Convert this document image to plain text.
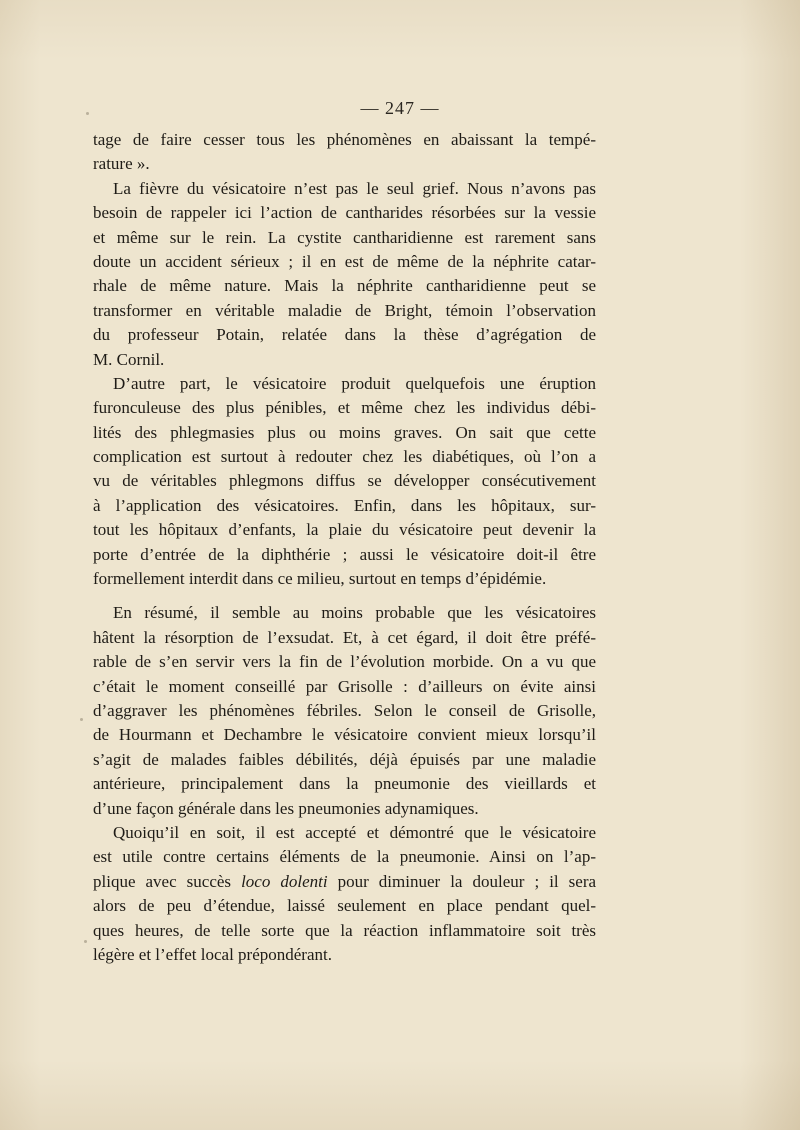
— 247 —
tage de faire cesser tous les phénomènes en abaissant la tempé-
rature ».
La fièvre du vésicatoire n’est pas le seul grief. Nous n’avons pas
besoin de rappeler ici l’action de cantharides résorbées sur la vessie
et même sur le rein. La cystite cantharidienne est rarement sans
doute un accident sérieux ; il en est de même de la néphrite catar-
rhale de même nature. Mais la néphrite cantharidienne peut se
transformer en véritable maladie de Bright, témoin l’observation
du professeur Potain, relatée dans la thèse d’agrégation de
M. Cornil.
D’autre part, le vésicatoire produit quelquefois une éruption
furonculeuse des plus pénibles, et même chez les individus débi-
lités des phlegmasies plus ou moins graves. On sait que cette
complication est surtout à redouter chez les diabétiques, où l’on a
vu de véritables phlegmons diffus se développer consécutivement
à l’application des vésicatoires. Enfin, dans les hôpitaux, sur-
tout les hôpitaux d’enfants, la plaie du vésicatoire peut devenir la
porte d’entrée de la diphthérie ; aussi le vésicatoire doit-il être
formellement interdit dans ce milieu, surtout en temps d’épidémie.
En résumé, il semble au moins probable que les vésicatoires
hâtent la résorption de l’exsudat. Et, à cet égard, il doit être préfé-
rable de s’en servir vers la fin de l’évolution morbide. On a vu que
c’était le moment conseillé par Grisolle : d’ailleurs on évite ainsi
d’aggraver les phénomènes fébriles. Selon le conseil de Grisolle,
de Hourmann et Dechambre le vésicatoire convient mieux lorsqu’il
s’agit de malades faibles débilités, déjà épuisés par une maladie
antérieure, principalement dans la pneumonie des vieillards et
d’une façon générale dans les pneumonies adynamiques.
Quoiqu’il en soit, il est accepté et démontré que le vésicatoire
est utile contre certains éléments de la pneumonie. Ainsi on l’ap-
plique avec succès loco dolenti pour diminuer la douleur ; il sera
alors de peu d’étendue, laissé seulement en place pendant quel-
ques heures, de telle sorte que la réaction inflammatoire soit très
légère et l’effet local prépondérant.
